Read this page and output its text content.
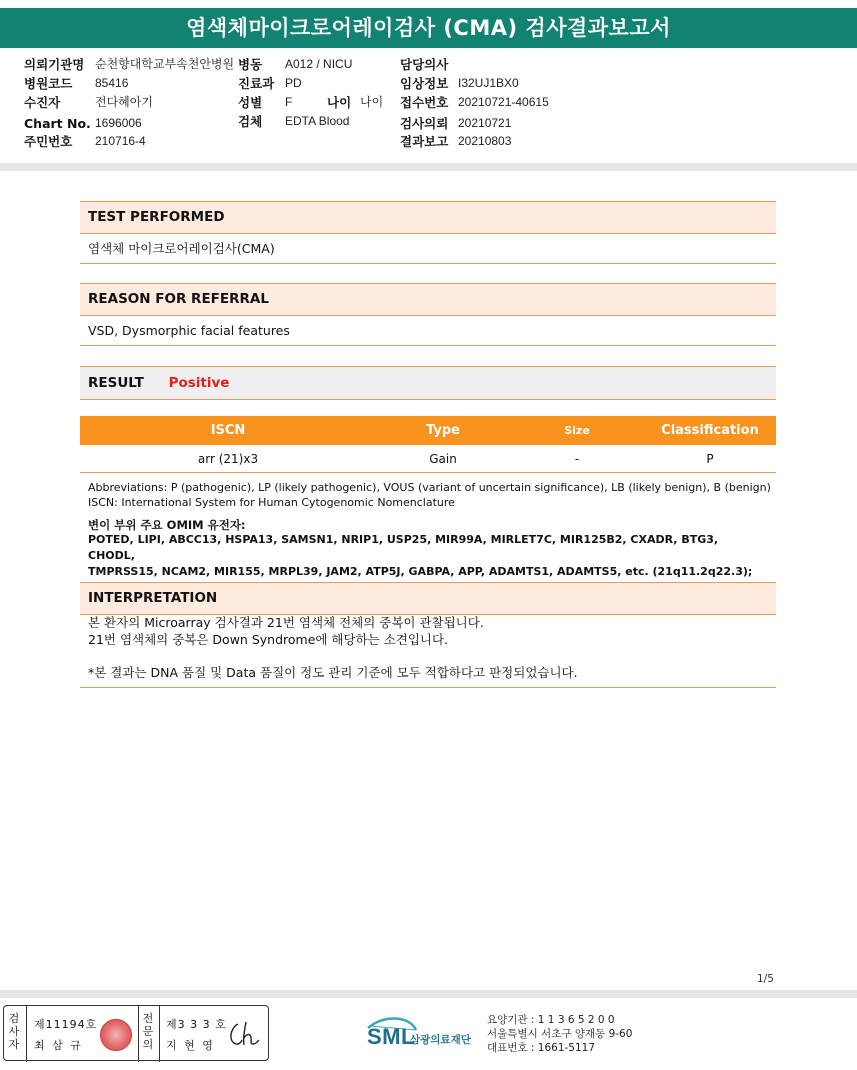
염색체마이크로어레이검사 (CMA) 검사결과보고서
의뢰기관명 순천향대학교부속천안병원
병원코드 85416
수진자	전다혜아기
Chart No. 1696006
주민번호 210716-4
병동 A012 / NICU
진료과 PD
성별 F	나이 나이
검체 EDTA Blood
담당의사
임상정보 I32UJ1BX0
접수번호 20210721-40615
검사의뢰 20210721
결과보고 20210803
TEST PERFORMED
염색체 마이크로어레이검사(CMA)
REASON FOR REFERRAL
VSD, Dysmorphic facial features
RESULT Positive
ISCN	Type	Size	Classification
arr (21)x3	Gain	-	P
Abbreviations: P (pathogenic), LP (likely pathogenic), VOUS (variant of uncertain significance), LB (likely benign), B (benign)
ISCN: International System for Human Cytogenomic Nomenclature
변이 부위 주요 OMIM 유전자:
POTED, LIPI, ABCC13, HSPA13, SAMSN1, NRIP1, USP25, MIR99A, MIRLET7C, MIR125B2, CXADR, BTG3, CHODL,
TMPRSS15, NCAM2, MIR155, MRPL39, JAM2, ATP5J, GABPA, APP, ADAMTS1, ADAMTS5, etc. (21q11.2q22.3);
INTERPRETATION
본 환자의 Microarray 검사결과 21번 염색체 전체의 중복이 관찰됩니다.
21번 염색체의 중복은 Down Syndrome에 해당하는 소견입니다.
*본 결과는 DNA 품질 및 Data 품질이 정도 관리 기준에 모두 적합하다고 판정되었습니다.
1/5
검사자
제11194호
최 삼 규
전문의
제3 3 3 호
지 현 영	SML
삼광의료재단
요양기관 : 1 1 3 6 5 2 0 0
서울특별시 서초구 양재동 9-60
대표번호 : 1661-5117
